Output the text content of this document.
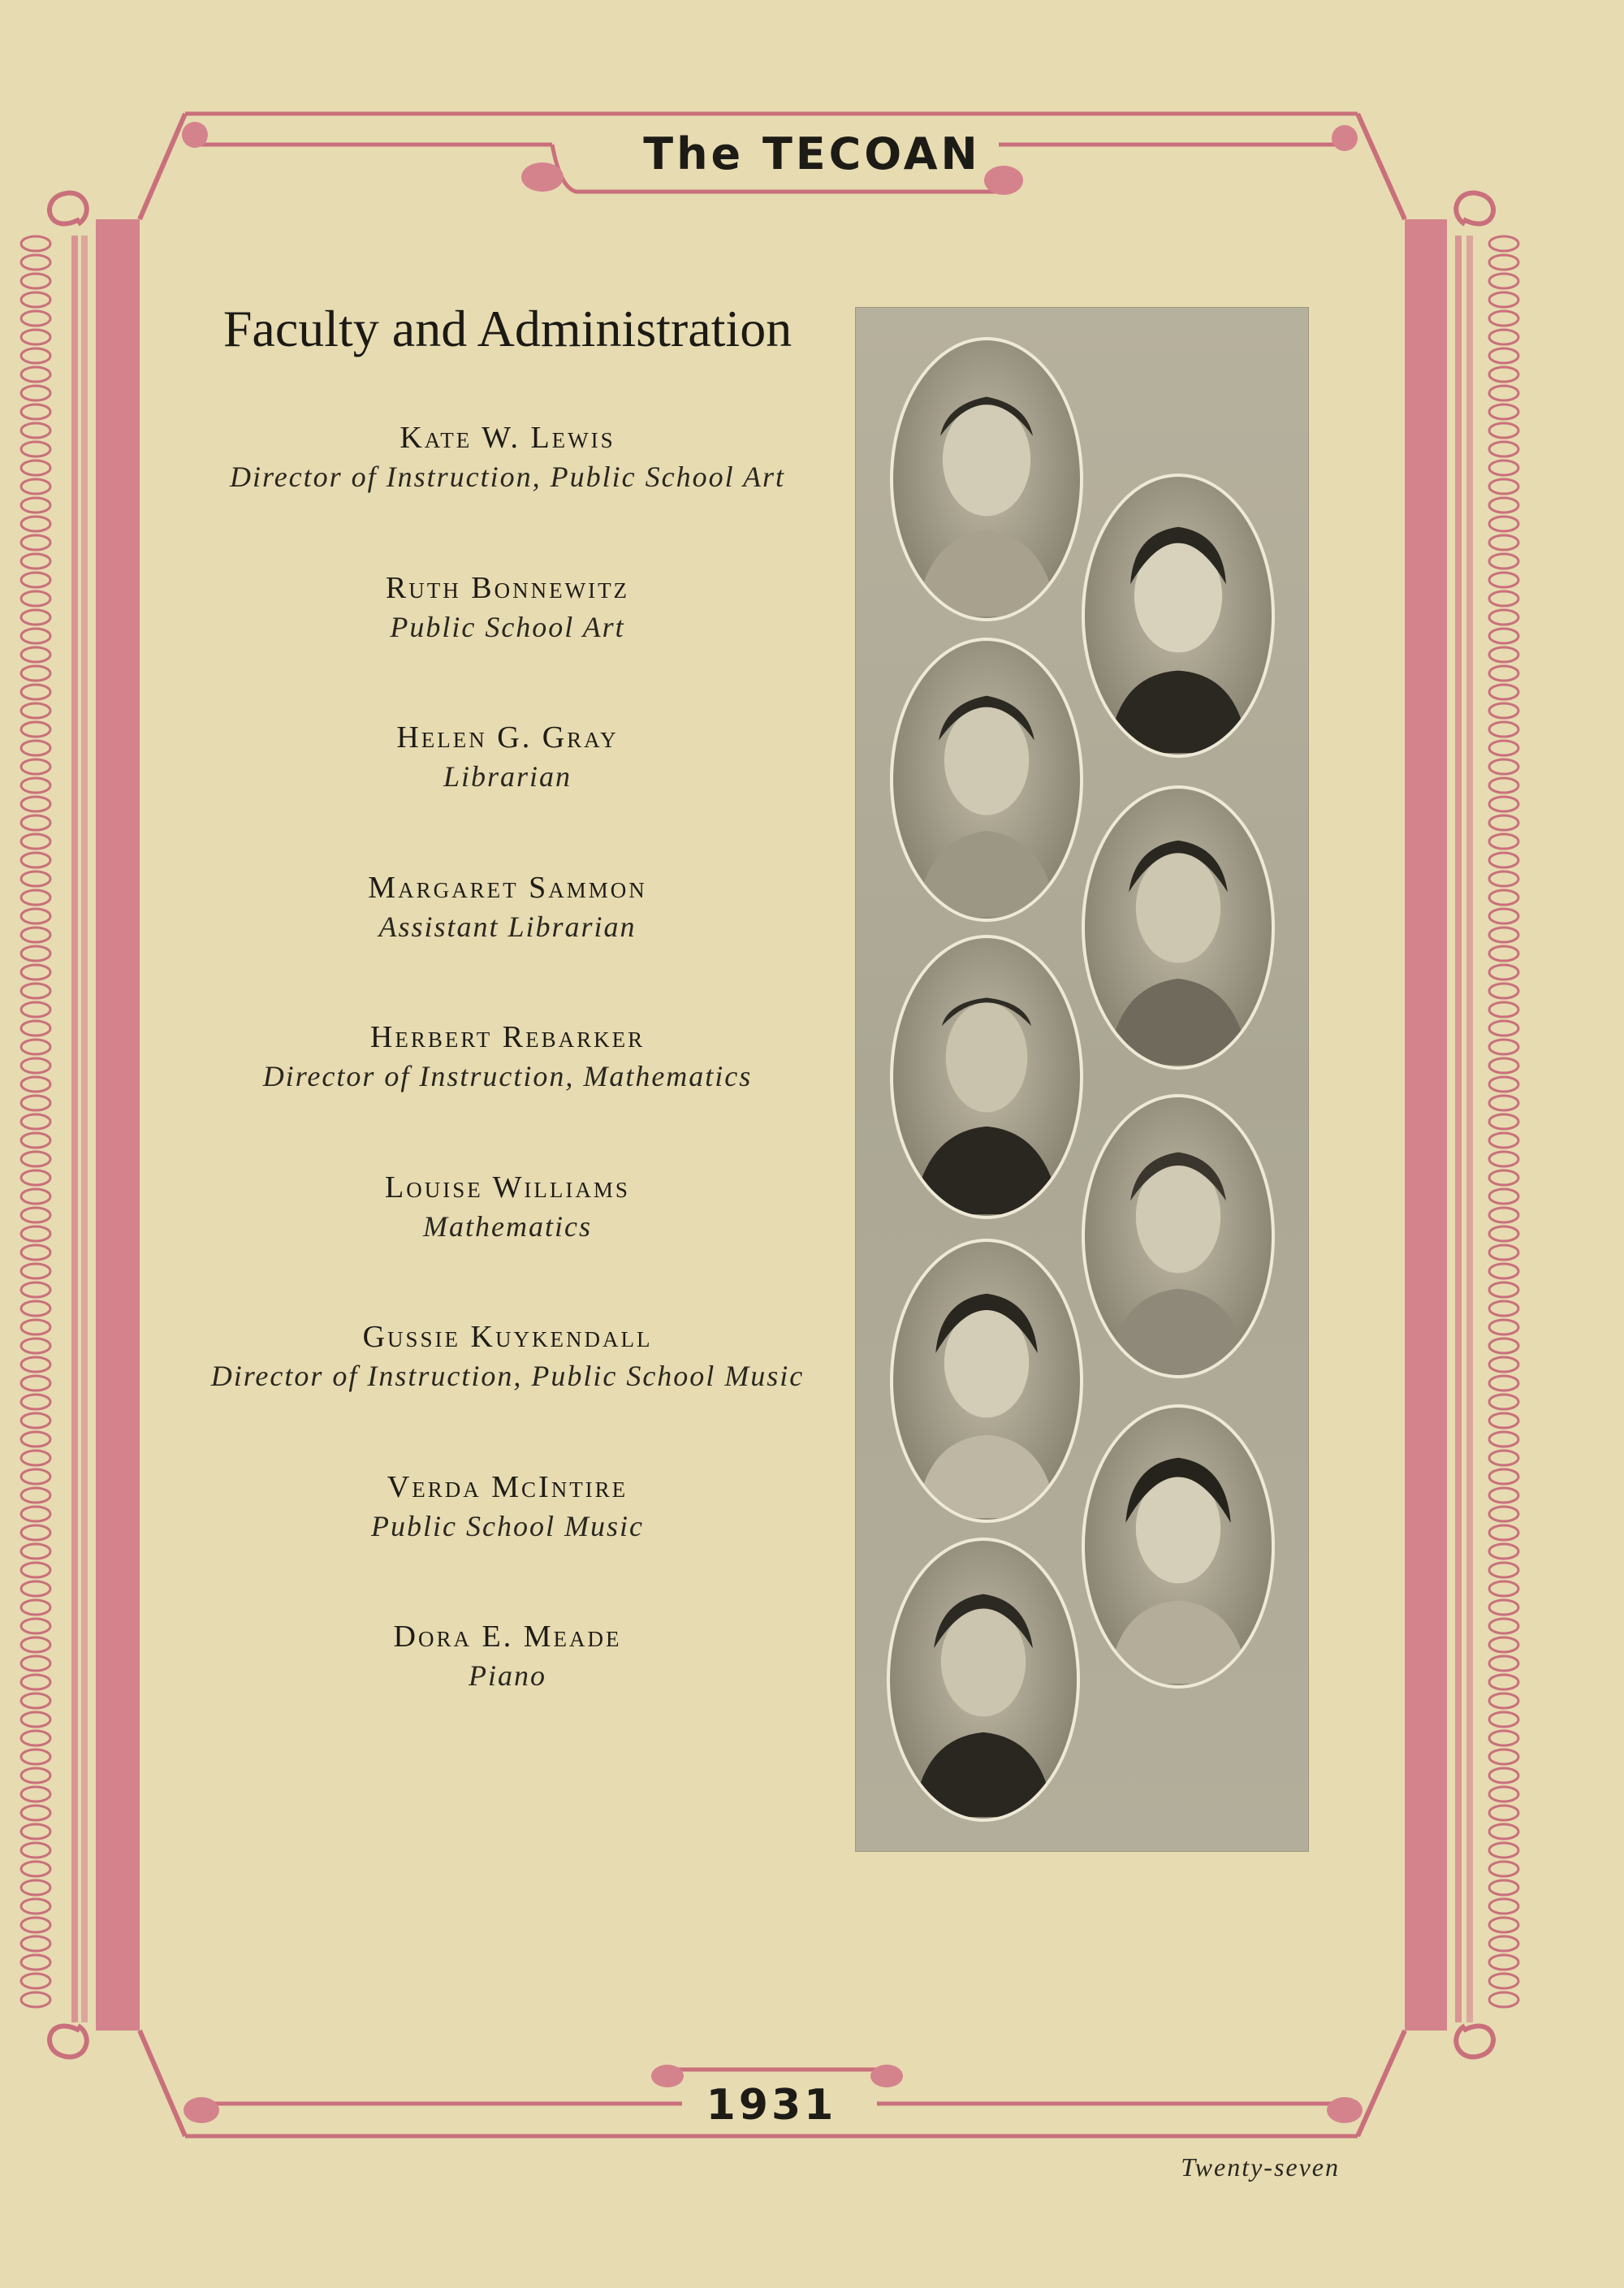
The TECOAN
Faculty and Administration
Kate W. Lewis
Director of Instruction, Public School Art
Ruth Bonnewitz
Public School Art
Helen G. Gray
Librarian
Margaret Sammon
Assistant Librarian
Herbert Rebarker
Director of Instruction, Mathematics
Louise Williams
Mathematics
Gussie Kuykendall
Director of Instruction, Public School Music
Verda McIntire
Public School Music
Dora E. Meade
Piano
1931
Twenty-seven
